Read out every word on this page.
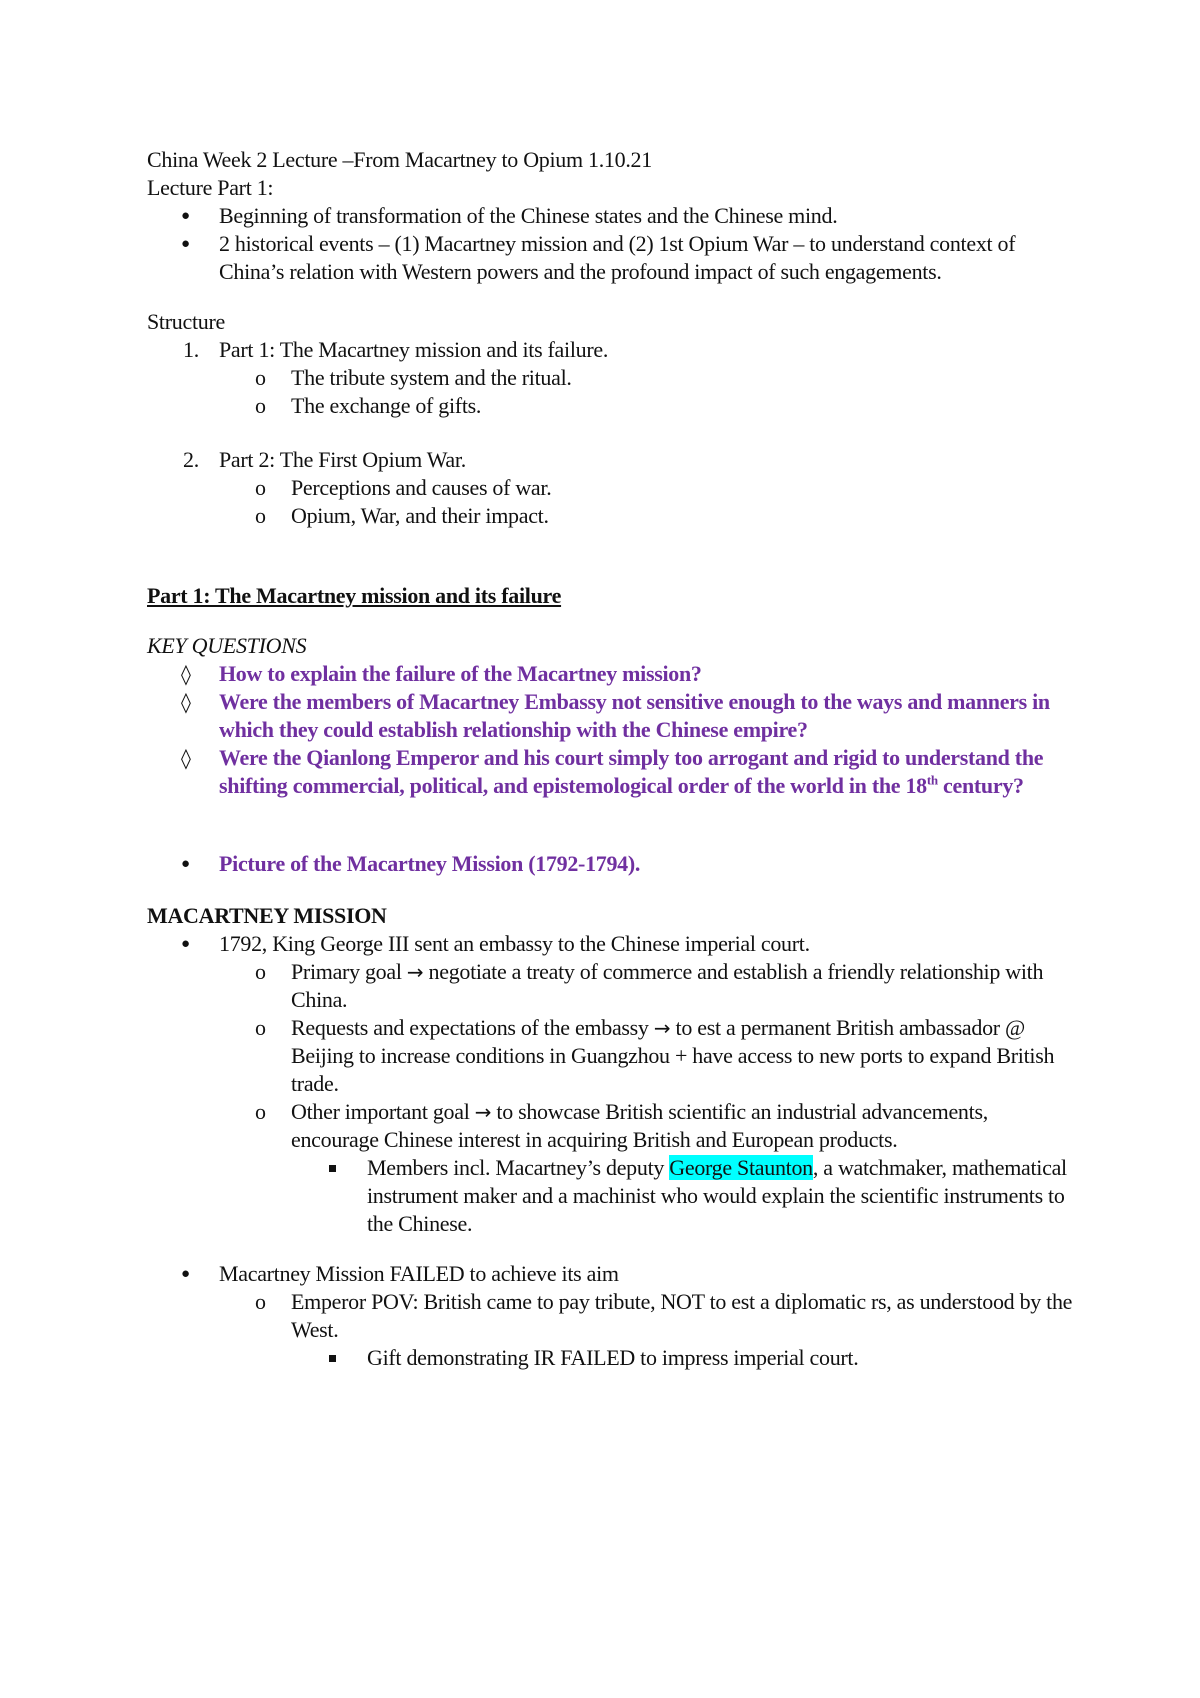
China Week 2 Lecture –From Macartney to Opium 1.10.21

Lecture Part 1:

● Beginning of transformation of the Chinese states and the Chinese mind.
● 2 historical events – (1) Macartney mission and (2) 1st Opium War – to understand context of China’s relation with Western powers and the profound impact of such engagements.

Structure

1. Part 1: The Macartney mission and its failure.
o The tribute system and the ritual.
o The exchange of gifts.
2. Part 2: The First Opium War.
o Perceptions and causes of war.
o Opium, War, and their impact.

Part 1: The Macartney mission and its failure

KEY QUESTIONS

◊ How to explain the failure of the Macartney mission?
◊ Were the members of Macartney Embassy not sensitive enough to the ways and manners in which they could establish relationship with the Chinese empire?
◊ Were the Qianlong Emperor and his court simply too arrogant and rigid to understand the shifting commercial, political, and epistemological order of the world in the 18th century?
● Picture of the Macartney Mission (1792-1794).

MACARTNEY MISSION

● 1792, King George III sent an embassy to the Chinese imperial court.
o Primary goal → negotiate a treaty of commerce and establish a friendly relationship with China.
o Requests and expectations of the embassy → to est a permanent British ambassador @ Beijing to increase conditions in Guangzhou + have access to new ports to expand British trade.
o Other important goal → to showcase British scientific an industrial advancements, encourage Chinese interest in acquiring British and European products.
Members incl. Macartney’s deputy George Staunton, a watchmaker, mathematical instrument maker and a machinist who would explain the scientific instruments to the Chinese.
● Macartney Mission FAILED to achieve its aim
o Emperor POV: British came to pay tribute, NOT to est a diplomatic rs, as understood by the West.
Gift demonstrating IR FAILED to impress imperial court.
